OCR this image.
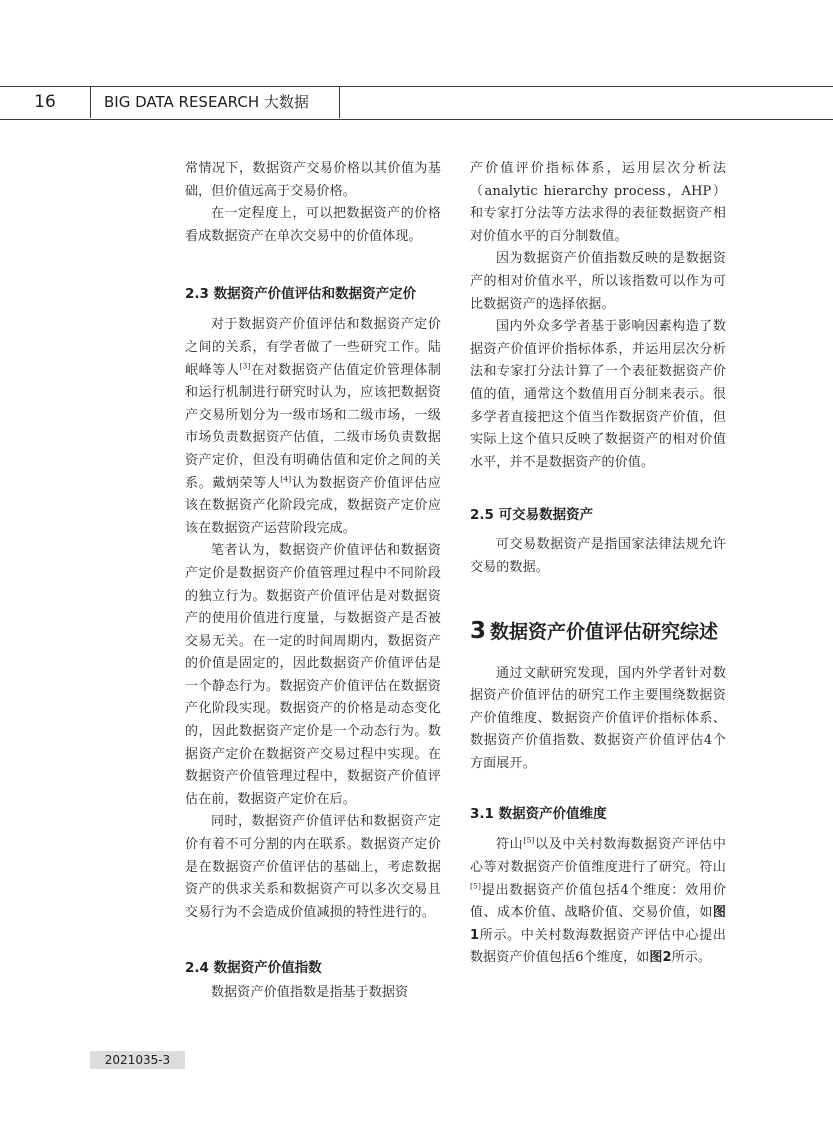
16	BIG DATA RESEARCH 大数据

常情况下，数据资产交易价格以其价值为基础，但价值远高于交易价格。

在一定程度上，可以把数据资产的价格看成数据资产在单次交易中的价值体现。

2.3 数据资产价值评估和数据资产定价

对于数据资产价值评估和数据资产定价之间的关系，有学者做了一些研究工作。陆岷峰等人[3]在对数据资产估值定价管理体制和运行机制进行研究时认为，应该把数据资产交易所划分为一级市场和二级市场，一级市场负责数据资产估值，二级市场负责数据资产定价，但没有明确估值和定价之间的关系。戴炳荣等人[4]认为数据资产价值评估应该在数据资产化阶段完成，数据资产定价应该在数据资产运营阶段完成。

笔者认为，数据资产价值评估和数据资产定价是数据资产价值管理过程中不同阶段的独立行为。数据资产价值评估是对数据资产的使用价值进行度量，与数据资产是否被交易无关。在一定的时间周期内，数据资产的价值是固定的，因此数据资产价值评估是一个静态行为。数据资产价值评估在数据资产化阶段实现。数据资产的价格是动态变化的，因此数据资产定价是一个动态行为。数据资产定价在数据资产交易过程中实现。在数据资产价值管理过程中，数据资产价值评估在前，数据资产定价在后。

同时，数据资产价值评估和数据资产定价有着不可分割的内在联系。数据资产定价是在数据资产价值评估的基础上，考虑数据资产的供求关系和数据资产可以多次交易且交易行为不会造成价值减损的特性进行的。

2.4 数据资产价值指数

数据资产价值指数是指基于数据资

产价值评价指标体系，运用层次分析法（analytic hierarchy process，AHP）和专家打分法等方法求得的表征数据资产相对价值水平的百分制数值。

因为数据资产价值指数反映的是数据资产的相对价值水平，所以该指数可以作为可比数据资产的选择依据。

国内外众多学者基于影响因素构造了数据资产价值评价指标体系，并运用层次分析法和专家打分法计算了一个表征数据资产价值的值，通常这个数值用百分制来表示。很多学者直接把这个值当作数据资产价值，但实际上这个值只反映了数据资产的相对价值水平，并不是数据资产的价值。

2.5 可交易数据资产

可交易数据资产是指国家法律法规允许交易的数据。

3 数据资产价值评估研究综述

通过文献研究发现，国内外学者针对数据资产价值评估的研究工作主要围绕数据资产价值维度、数据资产价值评价指标体系、数据资产价值指数、数据资产价值评估4个方面展开。

3.1 数据资产价值维度

符山[5]以及中关村数海数据资产评估中心等对数据资产价值维度进行了研究。符山[5]提出数据资产价值包括4个维度：效用价值、成本价值、战略价值、交易价值，如图1所示。中关村数海数据资产评估中心提出数据资产价值包括6个维度，如图2所示。

2021035-3
